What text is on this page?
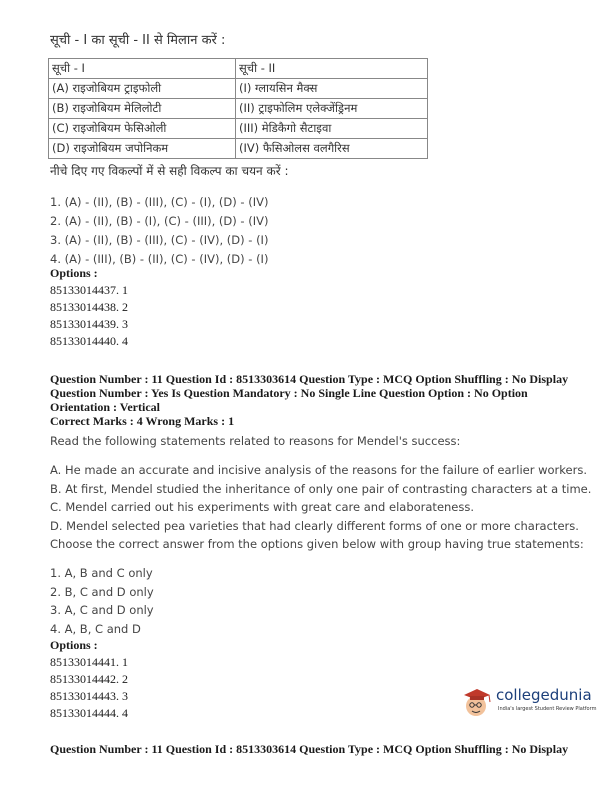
सूची - I का सूची - II से मिलान करें :
सूची - I	सूची - II
(A) राइजोबियम ट्राइफोली	(I) ग्लायसिन मैक्स
(B) राइजोबियम मेलिलोटी	(II) ट्राइफोलिम एलेक्जेंड्रिनम
(C) राइजोबियम फेसिओली	(III) मेडिकैगो सैटाइवा
(D) राइजोबियम जपोनिकम	(IV) फैसिओलस वलगैरिस
नीचे दिए गए विकल्पों में से सही विकल्प का चयन करें :
1. (A) - (II), (B) - (III), (C) - (I), (D) - (IV)
2. (A) - (II), (B) - (I), (C) - (III), (D) - (IV)
3. (A) - (II), (B) - (III), (C) - (IV), (D) - (I)
4. (A) - (III), (B) - (II), (C) - (IV), (D) - (I)
Options :
85133014437. 1
85133014438. 2
85133014439. 3
85133014440. 4
Question Number : 11 Question Id : 8513303614 Question Type : MCQ Option Shuffling : No Display
Question Number : Yes Is Question Mandatory : No Single Line Question Option : No Option
Orientation : Vertical
Correct Marks : 4 Wrong Marks : 1
Read the following statements related to reasons for Mendel's success:
A. He made an accurate and incisive analysis of the reasons for the failure of earlier workers.
B. At first, Mendel studied the inheritance of only one pair of contrasting characters at a time.
C. Mendel carried out his experiments with great care and elaborateness.
D. Mendel selected pea varieties that had clearly different forms of one or more characters.
Choose the correct answer from the options given below with group having true statements:
1. A, B and C only
2. B, C and D only
3. A, C and D only
4. A, B, C and D
Options :
85133014441. 1
85133014442. 2
85133014443. 3
85133014444. 4
collegedunia
India's largest Student Review Platform
Question Number : 11 Question Id : 8513303614 Question Type : MCQ Option Shuffling : No Display
